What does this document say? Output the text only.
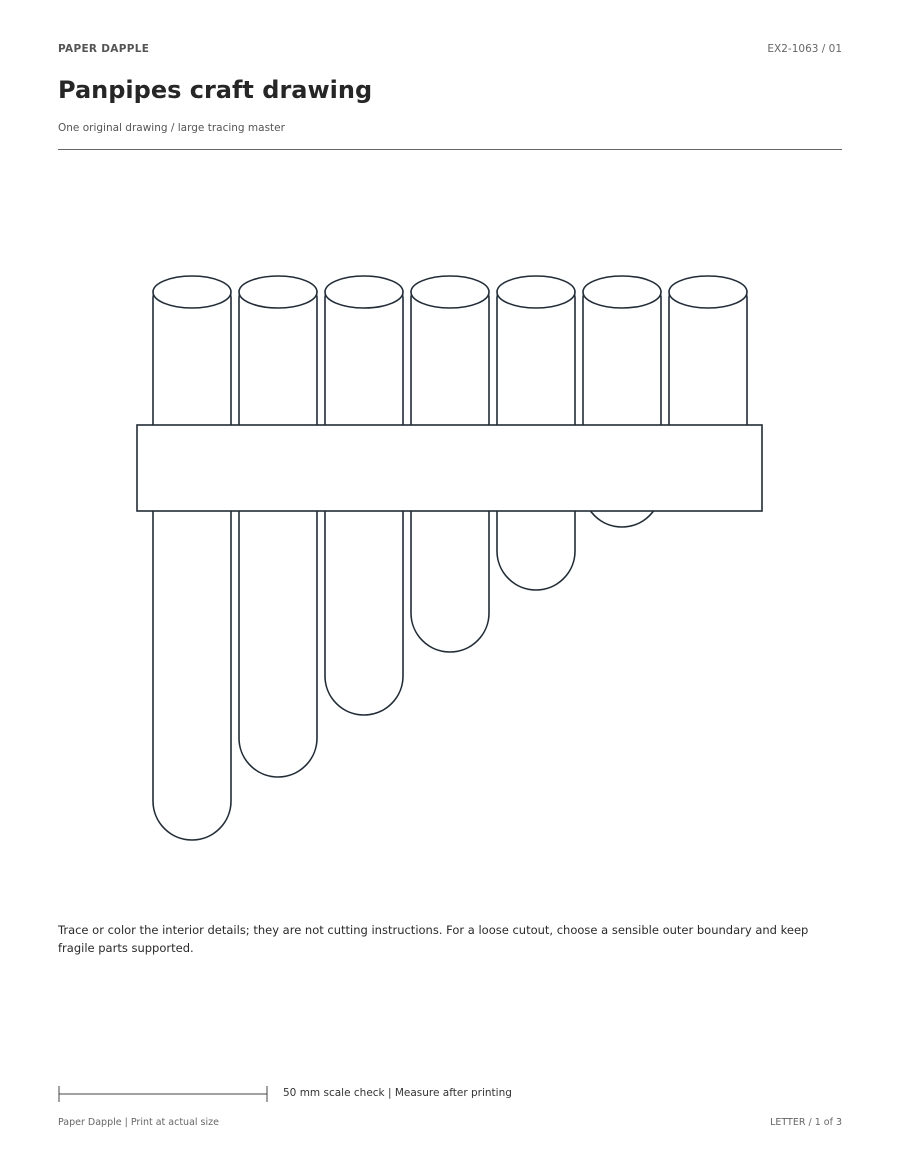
PAPER DAPPLE	EX2-1063 / 01
Panpipes craft drawing
One original drawing / large tracing master
Trace or color the interior details; they are not cutting instructions. For a loose cutout, choose a sensible outer boundary and keep fragile parts supported.
50 mm scale check | Measure after printing
Paper Dapple | Print at actual size	LETTER / 1 of 3
